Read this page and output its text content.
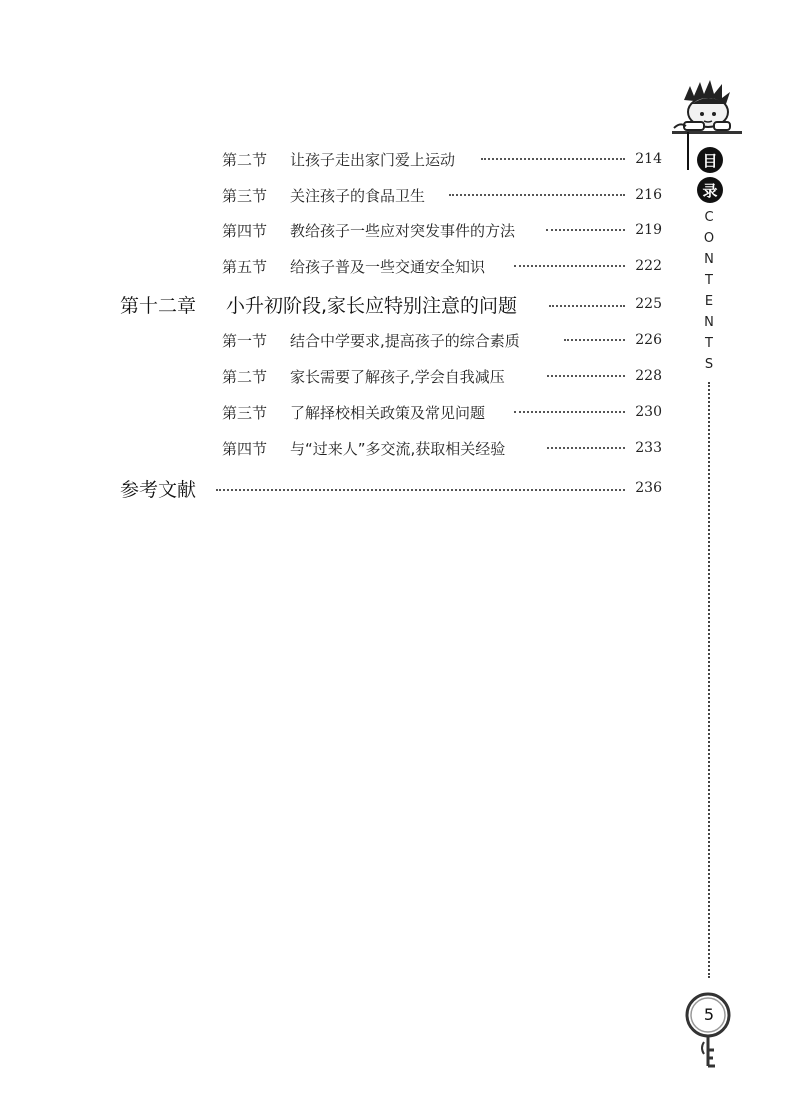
第二节 让孩子走出家门爱上运动	214
第三节 关注孩子的食品卫生	216
第四节 教给孩子一些应对突发事件的方法	219
第五节 给孩子普及一些交通安全知识	222
第十二章 小升初阶段,家长应特别注意的问题	225
第一节 结合中学要求,提高孩子的综合素质	226
第二节 家长需要了解孩子,学会自我减压	228
第三节 了解择校相关政策及常见问题	230
第四节 与“过来人”多交流,获取相关经验	233
参考文献	236
目
录
C
O
N
T
E
N
T
S
5
